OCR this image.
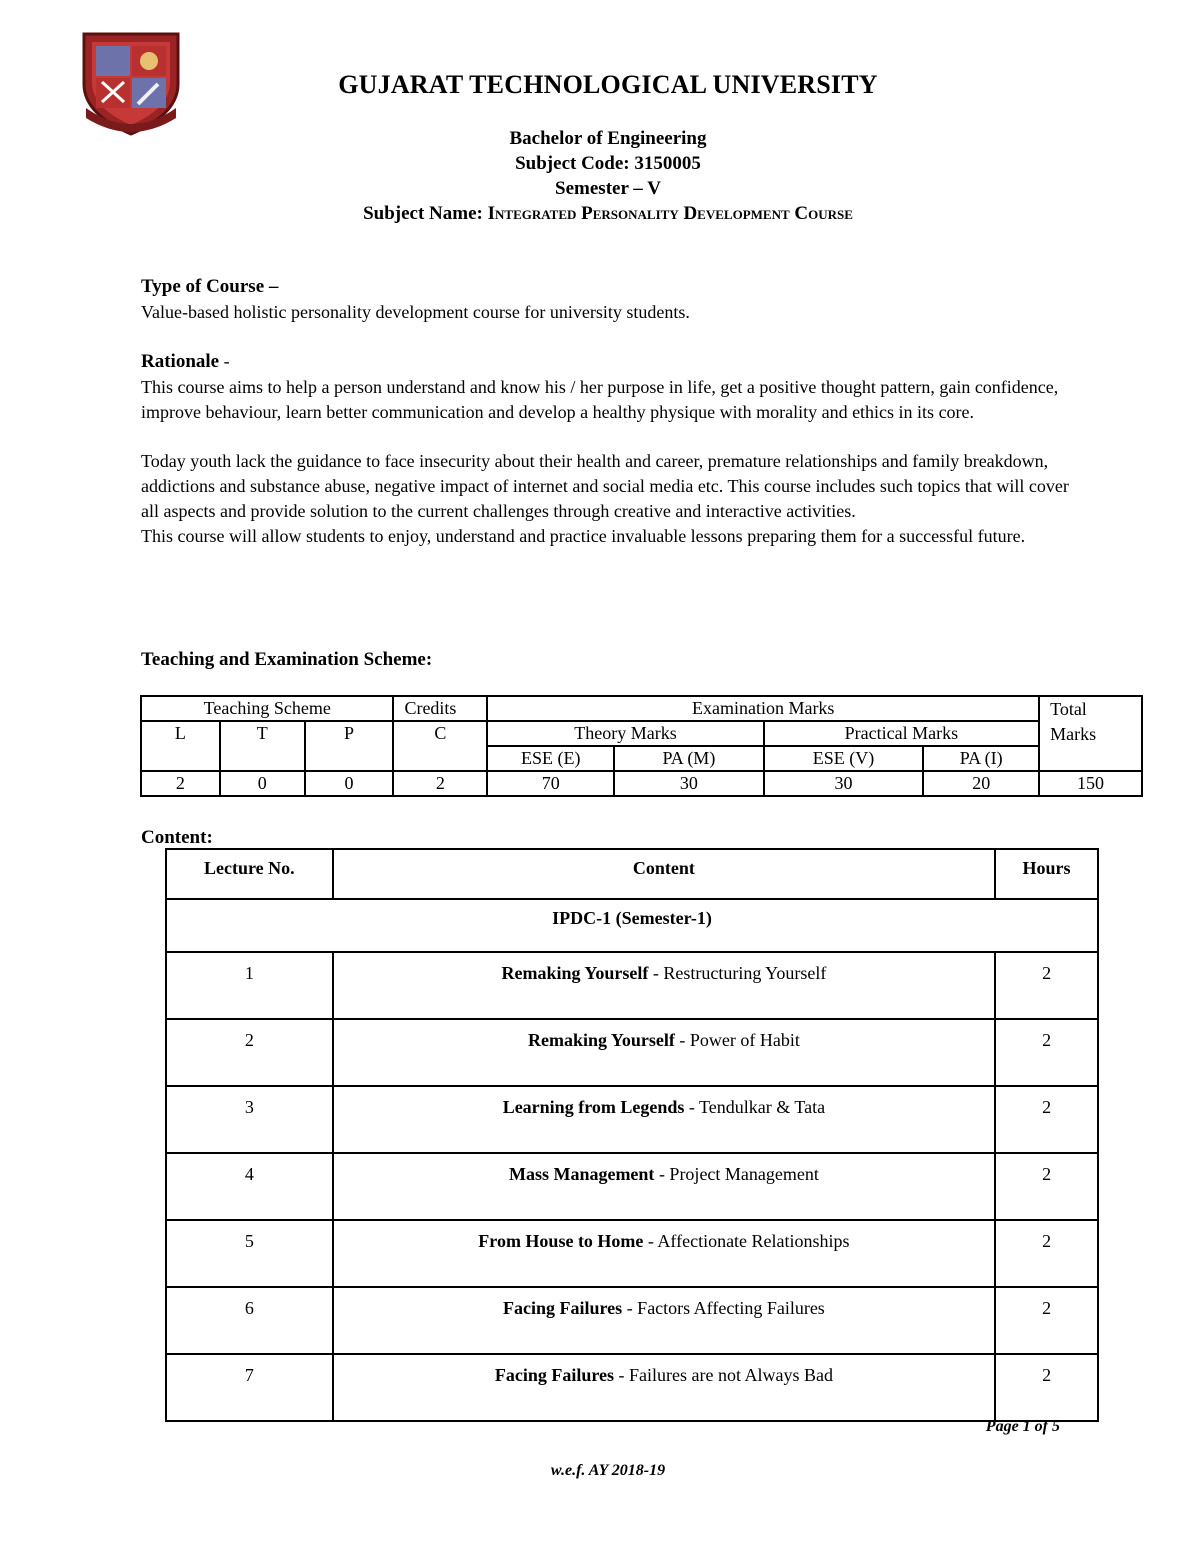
GUJARAT TECHNOLOGICAL UNIVERSITY
Bachelor of Engineering
Subject Code: 3150005
Semester – V
Subject Name: Integrated Personality Development Course
Type of Course –
Value-based holistic personality development course for university students.
Rationale -
This course aims to help a person understand and know his / her purpose in life, get a positive thought pattern, gain confidence, improve behaviour, learn better communication and develop a healthy physique with morality and ethics in its core.
Today youth lack the guidance to face insecurity about their health and career, premature relationships and family breakdown, addictions and substance abuse, negative impact of internet and social media etc. This course includes such topics that will cover all aspects and provide solution to the current challenges through creative and interactive activities.
This course will allow students to enjoy, understand and practice invaluable lessons preparing them for a successful future.
Teaching and Examination Scheme:
Teaching Scheme			Credits	Examination Marks				Total
Marks

L	T	P	C	Theory Marks		Practical Marks		
				ESE (E)	PA (M)	ESE (V)	PA (I)	
2	0	0	2	70	30	30	20	150
Content:
Lecture No.	Content	Hours
IPDC-1 (Semester-1)		
1	Remaking Yourself - Restructuring Yourself	2
2	Remaking Yourself - Power of Habit	2
3	Learning from Legends - Tendulkar & Tata	2
4	Mass Management - Project Management	2
5	From House to Home - Affectionate Relationships	2
6	Facing Failures - Factors Affecting Failures	2
7	Facing Failures - Failures are not Always Bad	2
Page 1 of 5
w.e.f. AY 2018-19
